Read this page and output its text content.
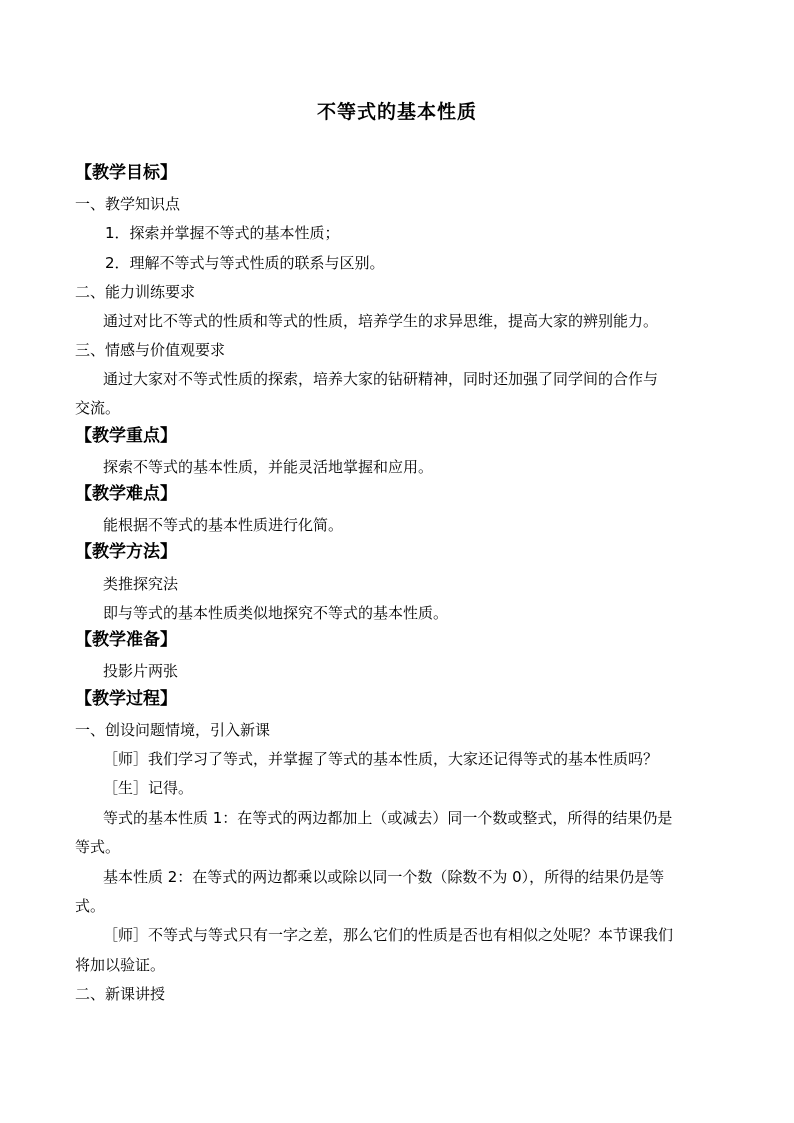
不等式的基本性质
【教学目标】
一、教学知识点
1．探索并掌握不等式的基本性质；
2．理解不等式与等式性质的联系与区别。
二、能力训练要求
通过对比不等式的性质和等式的性质，培养学生的求异思维，提高大家的辨别能力。
三、情感与价值观要求
通过大家对不等式性质的探索，培养大家的钻研精神，同时还加强了同学间的合作与
交流。
【教学重点】
探索不等式的基本性质，并能灵活地掌握和应用。
【教学难点】
能根据不等式的基本性质进行化简。
【教学方法】
类推探究法
即与等式的基本性质类似地探究不等式的基本性质。
【教学准备】
投影片两张
【教学过程】
一、创设问题情境，引入新课
［师］我们学习了等式，并掌握了等式的基本性质，大家还记得等式的基本性质吗？
［生］记得。
等式的基本性质 1：在等式的两边都加上（或减去）同一个数或整式，所得的结果仍是
等式。
基本性质 2：在等式的两边都乘以或除以同一个数（除数不为 0），所得的结果仍是等
式。
［师］不等式与等式只有一字之差，那么它们的性质是否也有相似之处呢？本节课我们
将加以验证。
二、新课讲授
